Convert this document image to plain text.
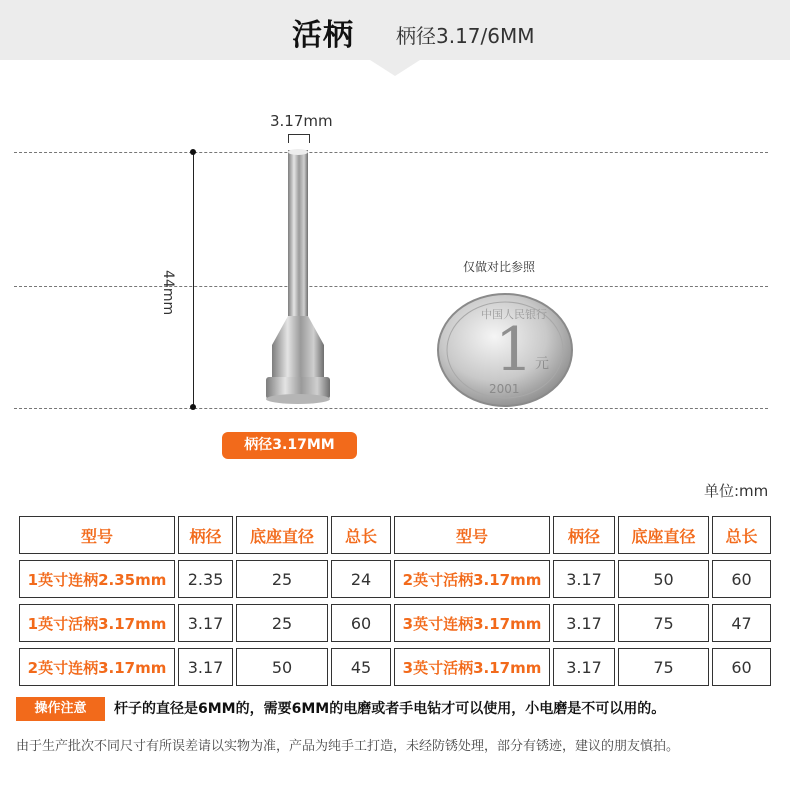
活柄 柄径3.17/6MM
44mm
3.17mm
仅做对比参照
1 元
2001
中国人民银行
柄径3.17MM
单位:mm
型号	柄径	底座直径	总长	型号	柄径	底座直径	总长
1英寸连柄2.35mm	2.35	25	24	2英寸活柄3.17mm	3.17	50	60
1英寸活柄3.17mm	3.17	25	60	3英寸连柄3.17mm	3.17	75	47
2英寸连柄3.17mm	3.17	50	45	3英寸活柄3.17mm	3.17	75	60
操作注意	杆子的直径是6MM的，需要6MM的电磨或者手电钻才可以使用，小电磨是不可以用的。
由于生产批次不同尺寸有所误差请以实物为准，产品为纯手工打造，未经防锈处理，部分有锈迹，建议的朋友慎拍。
